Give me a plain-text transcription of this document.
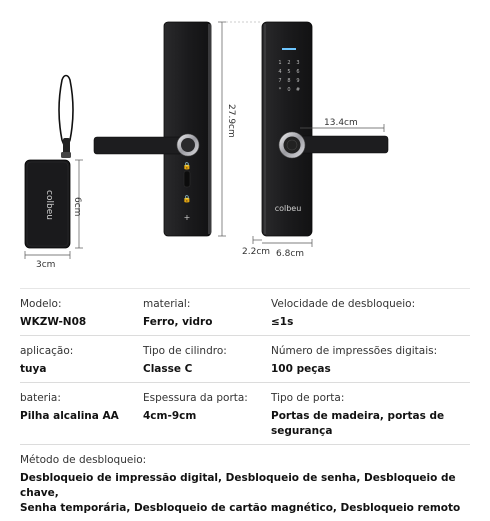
colbeu
🔒
🔒
+
1 2 3
4 5 6
7 8 9
* 0 #
colbeu
3cm
6cm
27.9cm	13.4cm
2.2cm 6.8cm
Modelo:
WKZW-N08
material:
Ferro, vidro
Velocidade de desbloqueio:
≤1s
aplicação:
tuya
Tipo de cilindro:
Classe C
Número de impressões digitais:
100 peças
bateria:
Pilha alcalina AA
Espessura da porta:
4cm-9cm
Tipo de porta:
Portas de madeira, portas de segurança
Método de desbloqueio:
Desbloqueio de impressão digital, Desbloqueio de senha, Desbloqueio de chave,
Senha temporária, Desbloqueio de cartão magnético, Desbloqueio remoto
